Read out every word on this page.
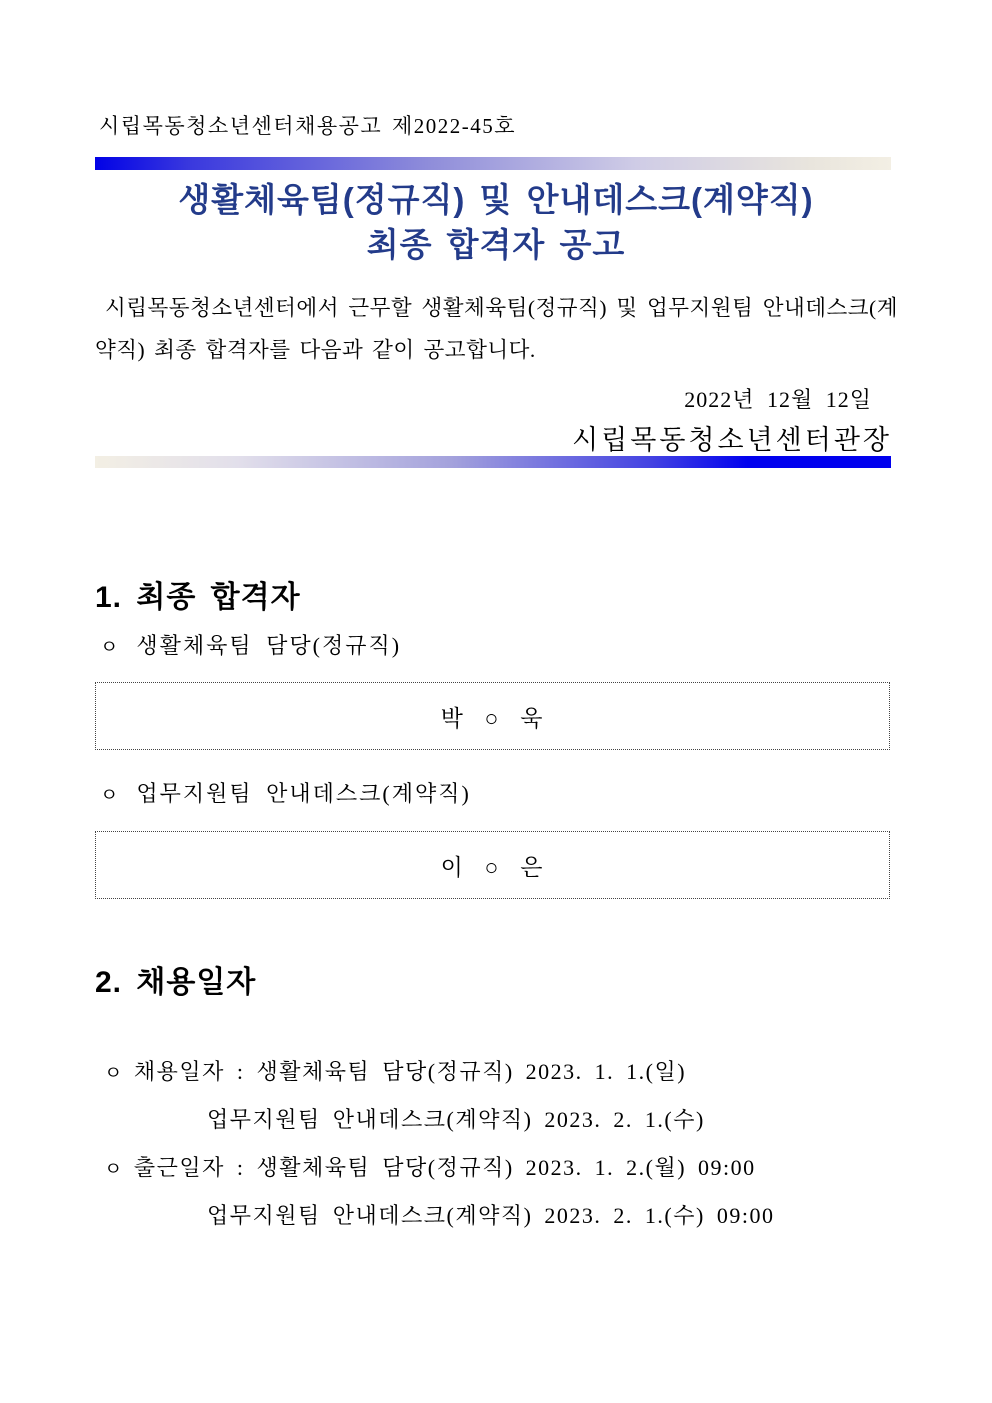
시립목동청소년센터채용공고 제2022-45호
생활체육팀(정규직) 및 안내데스크(계약직)
최종 합격자 공고

시립목동청소년센터에서 근무할 생활체육팀(정규직) 및 업무지원팀 안내데스크(계약직) 최종 합격자를 다음과 같이 공고합니다.

2022년 12월 12일
시립목동청소년센터관장
1. 최종 합격자
ㅇ 생활체육팀 담당(정규직)
박 ○ 욱
ㅇ 업무지원팀 안내데스크(계약직)
이 ○ 은
2. 채용일자
ㅇ 채용일자 : 생활체육팀 담당(정규직) 2023. 1. 1.(일)
업무지원팀 안내데스크(계약직) 2023. 2. 1.(수)
ㅇ 출근일자 : 생활체육팀 담당(정규직) 2023. 1. 2.(월) 09:00
업무지원팀 안내데스크(계약직) 2023. 2. 1.(수) 09:00
